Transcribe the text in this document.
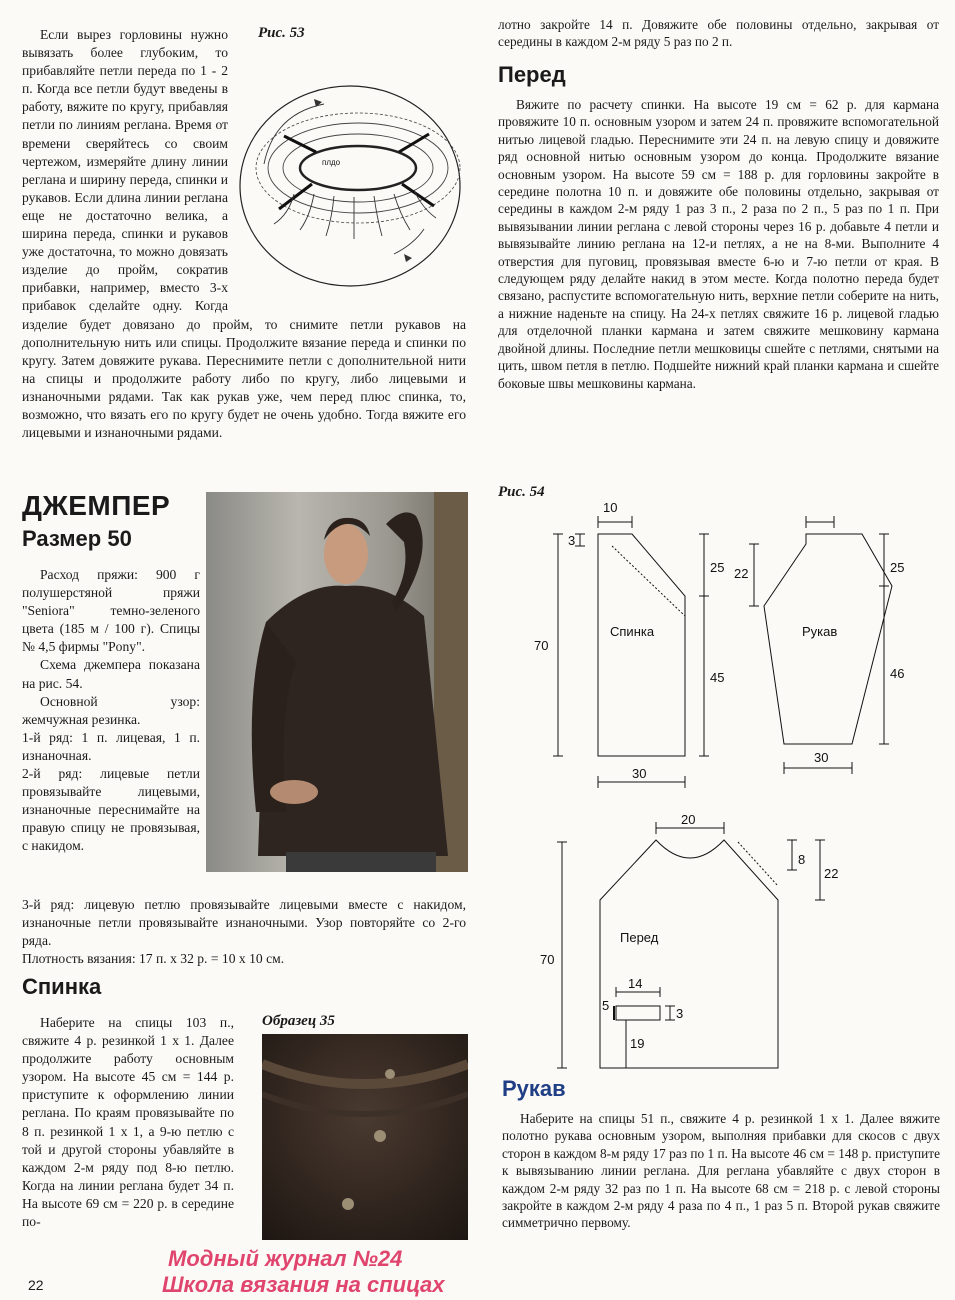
Если вырез горловины нужно вывязать более глубоким, то прибавляйте петли переда по 1 - 2 п. Когда все петли будут введены в работу, вяжите по кругу, прибавляя петли по линиям реглана. Время от времени сверяйтесь со своим чертежом, измеряйте длину линии реглана и ширину переда, спинки и рукавов. Если длина линии реглана еще не достаточно велика, а ширина переда, спинки и рукавов уже достаточна, то можно довязать изделие до пройм, сократив прибавки, например, вместо 3-х прибавок сделайте одну. Когда изделие будет довязано до пройм, то снимите петли рукавов на дополнительную нить или спицы. Продолжите вязание переда и спинки по кругу. Затем довяжите рукава. Переснимите петли с дополнительной нити на спицы и продолжите работу либо по кругу, либо лицевыми и изнаночными рядами. Так как рукав уже, чем перед плюс спинка, то, возможно, что вязать его по кругу будет не очень удобно. Тогда вяжите его лицевыми и изнаночными рядами.

Рис. 53
плдо
ДЖЕМПЕР
Размер 50

Расход пряжи: 900 г полушерстяной пряжи "Seniora" темно-зеленого цвета (185 м / 100 г). Спицы № 4,5 фирмы "Pony".

Схема джемпера показана на рис. 54.

Основной узор: жемчужная резинка.

1-й ряд: 1 п. лицевая, 1 п. изнаночная.

2-й ряд: лицевые петли провязывайте лицевыми, изнаночные переснимайте на правую спицу не провязывая, с накидом.

3-й ряд: лицевую петлю провязывайте лицевыми вместе с накидом, изнаночные петли провязывайте изнаночными. Узор повторяйте со 2-го ряда.

Плотность вязания: 17 п. х 32 р. = 10 х 10 см.

Спинка

Наберите на спицы 103 п., свяжите 4 р. резинкой 1 х 1. Далее продолжите работу основным узором. На высоте 45 см = 144 р. приступите к оформлению линии реглана. По краям провязывайте по 8 п. резинкой 1 х 1, а 9-ю петлю с той и другой стороны убавляйте в каждом 2-м ряду под 8-ю петлю. Когда на линии реглана будет 34 п. На высоте 69 см = 220 р. в середине по-

Образец 35

лотно закройте 14 п. Довяжите обе половины отдельно, закрывая от середины в каждом 2-м ряду 5 раз по 2 п.

Перед

Вяжите по расчету спинки. На высоте 19 см = 62 р. для кармана провяжите 10 п. основным узором и затем 24 п. провяжите вспомогательной нитью лицевой гладью. Переснимите эти 24 п. на левую спицу и довяжите ряд основной нитью основным узором до конца. Продолжите вязание основным узором. На высоте 59 см = 188 р. для горловины закройте в середине полотна 10 п. и довяжите обе половины отдельно, закрывая от середины в каждом 2-м ряду 1 раз 3 п., 2 раза по 2 п., 5 раз по 1 п. При вывязывании линии реглана с левой стороны через 16 р. добавьте 4 петли и вывязывайте линию реглана на 12-и петлях, а не на 8-ми. Выполните 4 отверстия для пуговиц, провязывая вместе 6-ю и 7-ю петли от края. В следующем ряду делайте накид в этом месте. Когда полотно переда будет связано, распустите вспомогательную нить, верхние петли соберите на нить, а нижние наденьте на спицу. На 24-х петлях свяжите 16 р. лицевой гладью для отделочной планки кармана и затем свяжите мешковину кармана двойной длины. Последние петли мешковицы сшейте с петлями, снятыми на цить, швом петля в петлю. Подшейте нижний край планки кармана и сшейте боковые швы мешковины кармана.

Рис. 54
10
3
70
25
45
30
Спинка
22	25
46
30
Рукав
20
8
22
70
Перед
14
5
3
19
Рукав

Наберите на спицы 51 п., свяжите 4 р. резинкой 1 х 1. Далее вяжите полотно рукава основным узором, выполняя прибавки для скосов с двух сторон в каждом 8-м ряду 17 раз по 1 п. На высоте 46 см = 148 р. приступите к вывязыванию линии реглана. Для реглана убавляйте с двух сторон в каждом 2-м ряду 32 раз по 1 п. На высоте 68 см = 218 р. с левой стороны закройте в каждом 2-м ряду 4 раза по 4 п., 1 раз 5 п. Второй рукав свяжите симметрично первому.

Модный журнал №24
Школа вязания на спицах
22
